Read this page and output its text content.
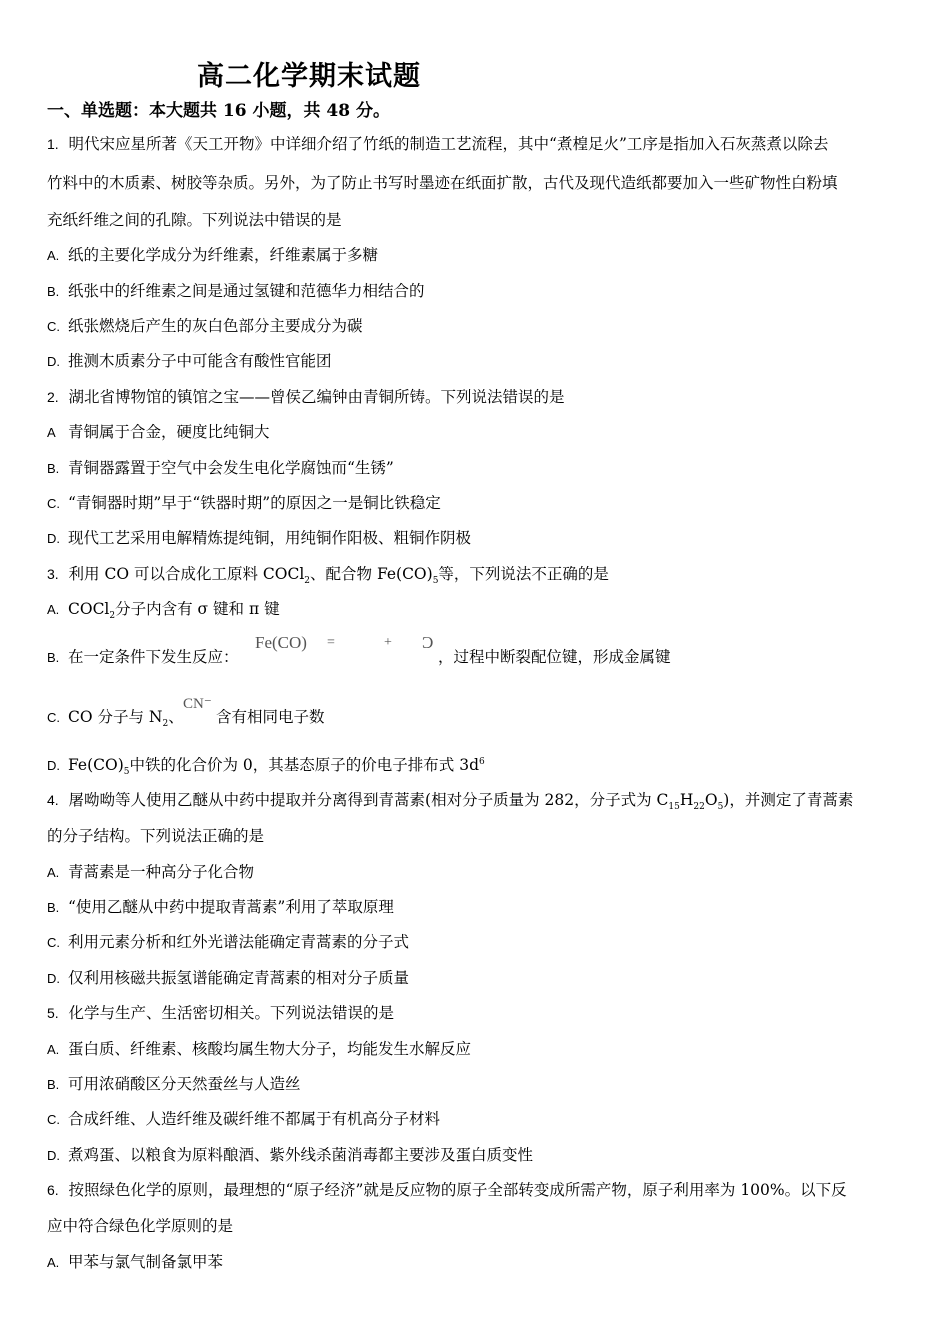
高二化学期末试题
一、单选题：本大题共 16 小题，共 48 分。
1. 明代宋应星所著《天工开物》中详细介绍了竹纸的制造工艺流程，其中“煮楻足火”工序是指加入石灰蒸煮以除去
竹料中的木质素、树胶等杂质。另外，为了防止书写时墨迹在纸面扩散，古代及现代造纸都要加入一些矿物性白粉填
充纸纤维之间的孔隙。下列说法中错误的是
A. 纸的主要化学成分为纤维素，纤维素属于多糖
B. 纸张中的纤维素之间是通过氢键和范德华力相结合的
C. 纸张燃烧后产生的灰白色部分主要成分为碳
D. 推测木质素分子中可能含有酸性官能团
2. 湖北省博物馆的镇馆之宝——曾侯乙编钟由青铜所铸。下列说法错误的是
A 青铜属于合金，硬度比纯铜大
B. 青铜器露置于空气中会发生电化学腐蚀而“生锈”
C. “青铜器时期”早于“铁器时期”的原因之一是铜比铁稳定
D. 现代工艺采用电解精炼提纯铜，用纯铜作阳极、粗铜作阴极
3. 利用 CO 可以合成化工原料 COCl$_2$、配合物 $Fe(CO)_5$等，下列说法不正确的是
A. COCl$_2$分子内含有 σ 键和 π 键
B. 在一定条件下发生反应：
Fe(CO) =	+ Ͻ
，过程中断裂配位键，形成金属键
C. CO 分子与 $N_2$、
CN⁻
含有相同电子数
D. $Fe(CO)_5$中铁的化合价为 0，其基态原子的价电子排布式 $3d^6$
4. 屠呦呦等人使用乙醚从中药中提取并分离得到青蒿素(相对分子质量为 282，分子式为 $C_{15}H_{22}O_5$)，并测定了青蒿素
的分子结构。下列说法正确的是
A. 青蒿素是一种高分子化合物
B. “使用乙醚从中药中提取青蒿素”利用了萃取原理
C. 利用元素分析和红外光谱法能确定青蒿素的分子式
D. 仅利用核磁共振氢谱能确定青蒿素的相对分子质量
5. 化学与生产、生活密切相关。下列说法错误的是
A. 蛋白质、纤维素、核酸均属生物大分子，均能发生水解反应
B. 可用浓硝酸区分天然蚕丝与人造丝
C. 合成纤维、人造纤维及碳纤维不都属于有机高分子材料
D. 煮鸡蛋、以粮食为原料酿酒、紫外线杀菌消毒都主要涉及蛋白质变性
6. 按照绿色化学的原则，最理想的“原子经济”就是反应物的原子全部转变成所需产物，原子利用率为 100%。以下反
应中符合绿色化学原则的是
A. 甲苯与氯气制备氯甲苯
